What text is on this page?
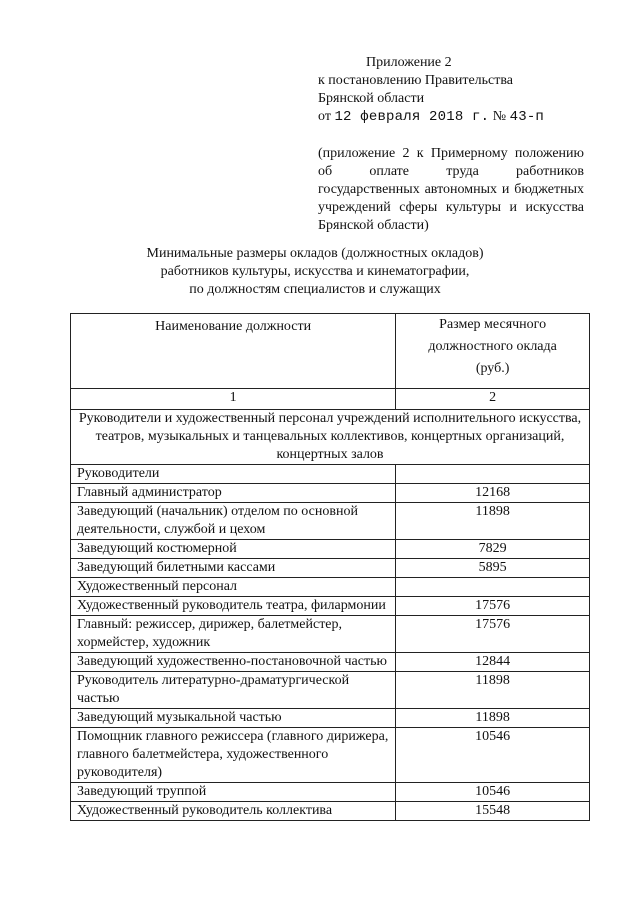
Приложение 2
к постановлению Правительства
Брянской области
от 12 февраля 2018 г. № 43-п
(приложение 2 к Примерному положению об оплате труда работников государственных автономных и бюджетных учреждений сферы культуры и искусства Брянской области)
Минимальные размеры окладов (должностных окладов)
работников культуры, искусства и кинематографии,
по должностям специалистов и служащих
Наименование должности	Размер месячного должностного оклада (руб.)
1	2
Руководители и художественный персонал учреждений исполнительного искусства, театров, музыкальных и танцевальных коллективов, концертных организаций, концертных залов	
Руководители	
Главный администратор	12168
Заведующий (начальник) отделом по основной деятельности, службой и цехом	11898
Заведующий костюмерной	7829
Заведующий билетными кассами	5895
Художественный персонал	
Художественный руководитель театра, филармонии	17576
Главный: режиссер, дирижер, балетмейстер, хормейстер, художник	17576
Заведующий художественно-постановочной частью	12844
Руководитель литературно-драматургической частью	11898
Заведующий музыкальной частью	11898
Помощник главного режиссера (главного дирижера, главного балетмейстера, художественного руководителя)	10546
Заведующий труппой	10546
Художественный руководитель коллектива	15548
